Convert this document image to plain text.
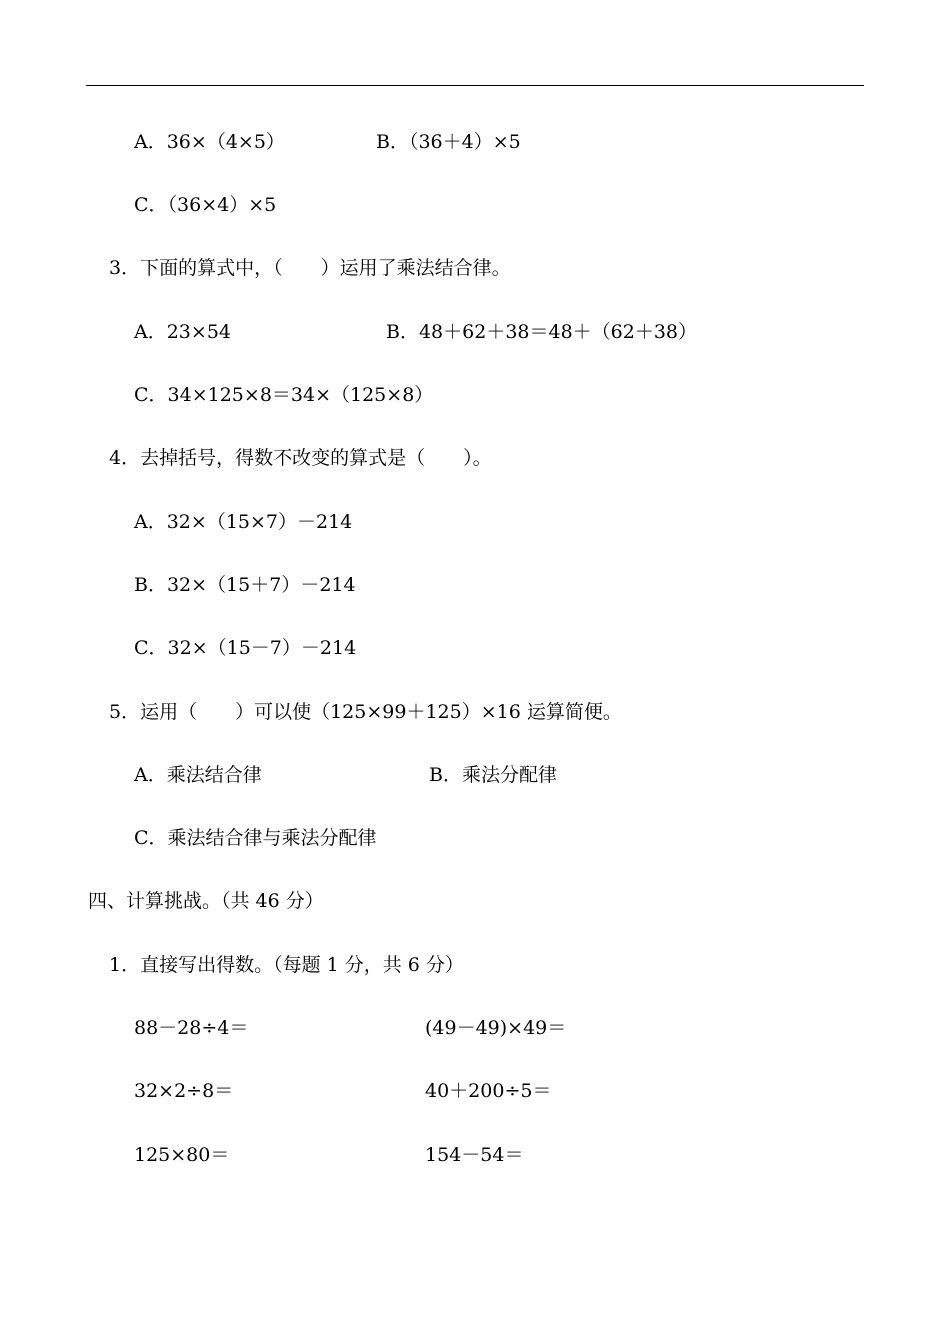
A．36×（4×5）	B．（36＋4）×5
C．（36×4）×5
3．下面的算式中，（　　）运用了乘法结合律。
A．23×54	B．48＋62＋38＝48＋（62＋38）
C．34×125×8＝34×（125×8）
4．去掉括号，得数不改变的算式是（　　）。
A．32×（15×7）－214
B．32×（15＋7）－214
C．32×（15－7）－214
5．运用（　　）可以使（125×99＋125）×16 运算简便。
A．乘法结合律	B．乘法分配律
C．乘法结合律与乘法分配律
四、计算挑战。（共 46 分）
1．直接写出得数。（每题 1 分，共 6 分）
88－28÷4＝	(49－49)×49＝
32×2÷8＝	40＋200÷5＝
125×80＝	154－54＝
